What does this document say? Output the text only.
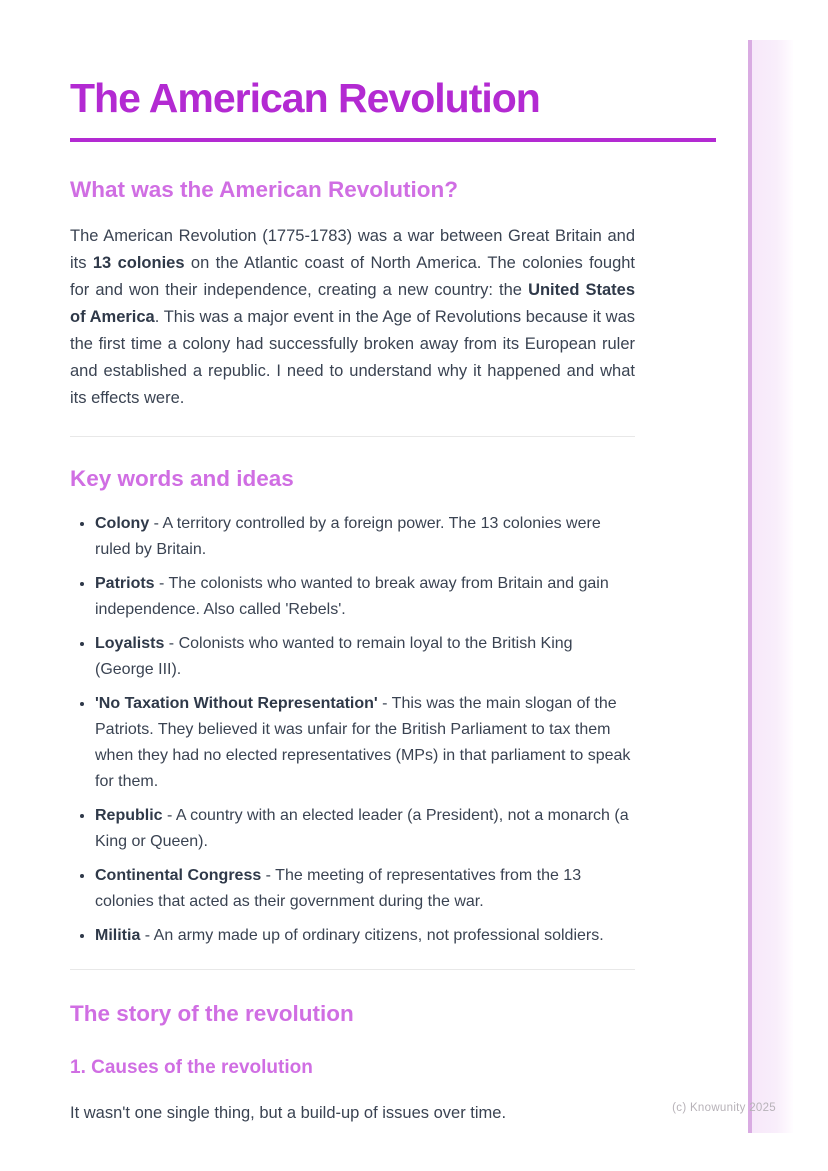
The American Revolution
What was the American Revolution?

The American Revolution (1775-1783) was a war between Great Britain and its 13 colonies on the Atlantic coast of North America. The colonies fought for and won their independence, creating a new country: the United States of America. This was a major event in the Age of Revolutions because it was the first time a colony had successfully broken away from its European ruler and established a republic. I need to understand why it happened and what its effects were.

Key words and ideas
• Colony - A territory controlled by a foreign power. The 13 colonies were ruled by Britain.
• Patriots - The colonists who wanted to break away from Britain and gain independence. Also called 'Rebels'.
• Loyalists - Colonists who wanted to remain loyal to the British King (George III).
• 'No Taxation Without Representation' - This was the main slogan of the Patriots. They believed it was unfair for the British Parliament to tax them when they had no elected representatives (MPs) in that parliament to speak for them.
• Republic - A country with an elected leader (a President), not a monarch (a King or Queen).
• Continental Congress - The meeting of representatives from the 13 colonies that acted as their government during the war.
• Militia - An army made up of ordinary citizens, not professional soldiers.
The story of the revolution
1. Causes of the revolution

It wasn't one single thing, but a build-up of issues over time.	(c) Knowunity 2025
